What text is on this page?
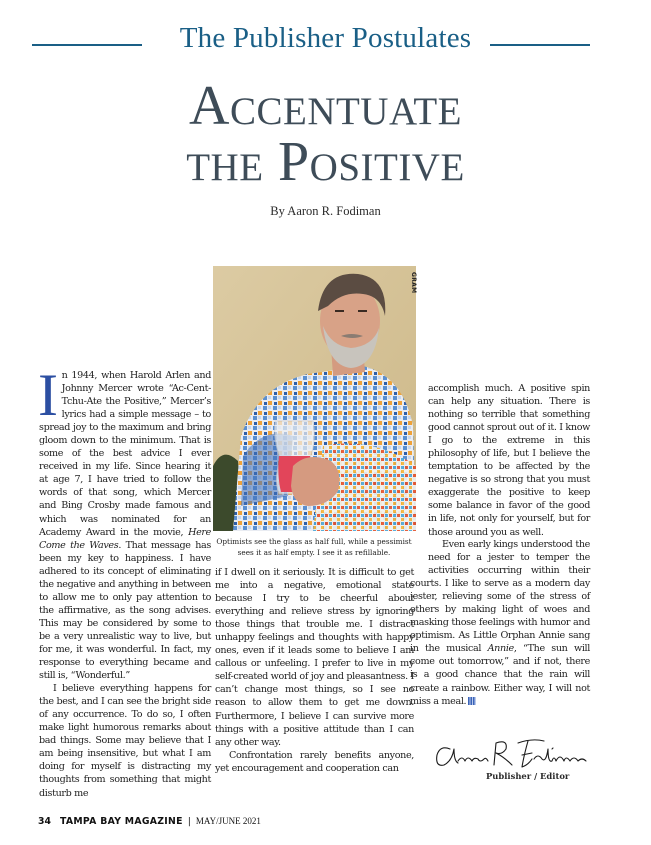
The Publisher Postulates
Accentuate
the Positive
By Aaron R. Fodiman
GRAM
Optimists see the glass as half full, while a pessimist sees it as half empty. I see it as refillable.

In 1944, when Harold Arlen and Johnny Mercer wrote “Ac-Cent-Tchu-Ate the Positive,” Mercer’s lyrics had a simple message – to spread joy to the maximum and bring gloom down to the minimum. That is some of the best advice I ever received in my life. Since hearing it at age 7, I have tried to follow the words of that song, which Mercer and Bing Crosby made famous and which was nominated for an Academy Award in the movie, Here Come the Waves. That message has been my key to happiness. I have adhered to its concept of eliminating the negative and anything in between to allow me to only pay attention to the affirmative, as the song advises. This may be considered by some to be a very unrealistic way to live, but for me, it was wonderful. In fact, my response to everything became and still is, “Wonderful.”

I believe everything happens for the best, and I can see the bright side of any occurrence. To do so, I often make light humorous remarks about bad things. Some may believe that I am being insensitive, but what I am doing for myself is distracting my thoughts from something that might disturb me

if I dwell on it seriously. It is difficult to get me into a negative, emotional state because I try to be cheerful about everything and relieve stress by ignoring those things that trouble me. I distract unhappy feelings and thoughts with happy ones, even if it leads some to believe I am callous or unfeeling. I prefer to live in my self-created world of joy and pleasantness. I can’t change most things, so I see no reason to allow them to get me down. Furthermore, I believe I can survive more things with a positive attitude than I can any other way.

Confrontation rarely benefits anyone, yet encouragement and cooperation can

accomplish much. A positive spin can help any situation. There is nothing so terrible that something good cannot sprout out of it. I know I go to the extreme in this philosophy of life, but I believe the temptation to be affected by the negative is so strong that you must exaggerate the positive to keep some balance in favor of the good in life, not only for yourself, but for those around you as well.

Even early kings understood the need for a jester to temper the activities occurring within their courts. I like to serve as a modern day jester, relieving some of the stress of others by making light of woes and masking those feelings with humor and optimism. As Little Orphan Annie sang in the musical Annie, “The sun will come out tomorrow,” and if not, there is a good chance that the rain will create a rainbow. Either way, I will not miss a meal.

Publisher / Editor
34 TAMPA BAY MAGAZINE | MAY/JUNE 2021
